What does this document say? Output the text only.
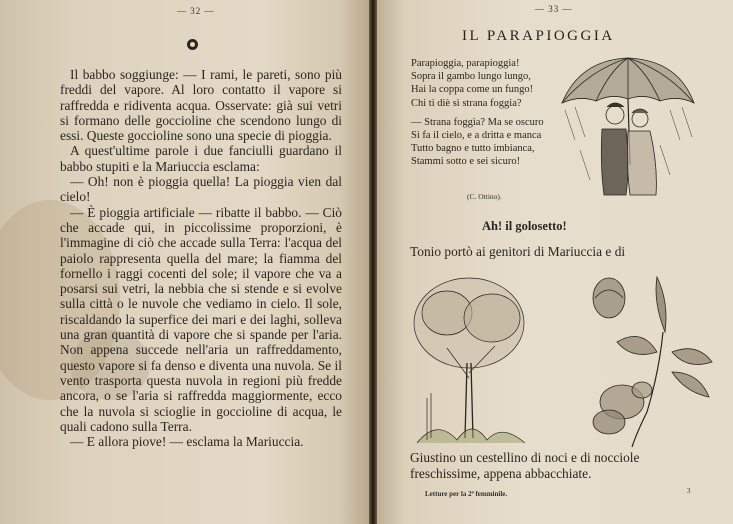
— 32 —

Il babbo soggiunge: — I rami, le pareti, sono più freddi del vapore. Al loro contatto il vapore si raffredda e ridiventa acqua. Osservate: già sui vetri si formano delle goccioline che scendono lungo di essi. Queste goccioline sono una specie di pioggia.

A quest'ultime parole i due fanciulli guardano il babbo stupiti e la Mariuccia esclama:

— Oh! non è pioggia quella! La pioggia vien dal cielo!

— È pioggia artificiale — ribatte il babbo. — Ciò che accade qui, in piccolissime proporzioni, è l'immagine di ciò che accade sulla Terra: l'acqua del paiolo rappresenta quella del mare; la fiamma del fornello i raggi cocenti del sole; il vapore che va a posarsi sui vetri, la nebbia che si stende e si evolve sulla città o le nuvole che vediamo in cielo. Il sole, riscaldando la superfice dei mari e dei laghi, solleva una gran quantità di vapore che si spande per l'aria. Non appena succede nell'aria un raffreddamento, questo vapore si fa denso e diventa una nuvola. Se il vento trasporta questa nuvola in regioni più fredde ancora, o se l'aria si raffredda maggiormente, ecco che la nuvola si scioglie in goccioline di acqua, le quali cadono sulla Terra.

— E allora piove! — esclama la Mariuccia.

— 33 —
IL PARAPIOGGIA
Parapioggia, parapioggia!
Sopra il gambo lungo lungo,
Hai la coppa come un fungo!
Chi ti diè sì strana foggia?
— Strana foggia? Ma se oscuro
Si fa il cielo, e a dritta e manca
Tutto bagno e tutto imbianca,
Stammi sotto e sei sicuro!
(C. Ottino).
Ah! il golosetto!
Tonio portò ai genitori di Mariuccia e di
Giustino un cestellino di noci e di nocciole
freschissime, appena abbacchiate.
Letture per la 2ª femminile.	3
